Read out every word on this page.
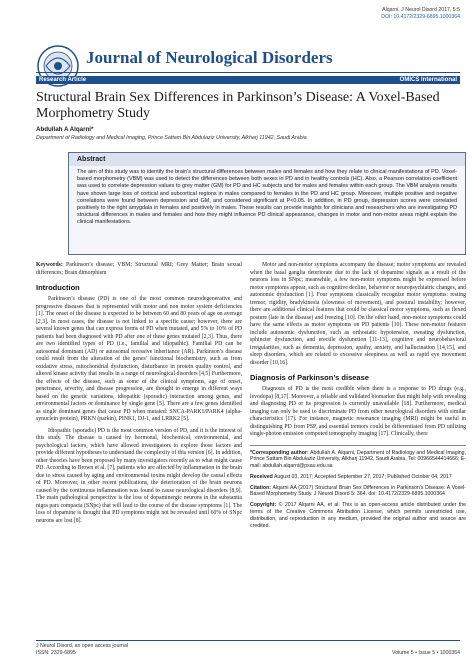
Journal of Neurological Disorders
Alqarni, J Neurol Disord 2017, 5:5
DOI: 10.4172/2329-6895.1000364
Research Article	OMICS International
Structural Brain Sex Differences in Parkinson’s Disease: A Voxel-Based Morphometry Study
Abdullah A Alqarni*
Department of Radiology and Medical Imaging, Prince Sattam Bin Abdulaziz University, Alkharj 11942, Saudi Arabia
Abstract
The aim of this study was to identify the brain’s structural differences between males and females and how they relate to clinical manifestations of PD. Voxel-based morphometry (VBM) was used to detect the differences between both sexes in PD and in healthy controls (HC). Also, a Pearson correlation coefficient was used to correlate depression values to grey matter (GM) for PD and HC subjects and for males and females within each group. The VBM analysis results have shown large loss of cortical and subcortical regions in males compared to females in the PD and HC group. Moreover, multiple positive and negative correlations were found between depression and GM, and considered significant at P<0.05. In addition, in PD group, depression scores were correlated positively to the right amygdala in females and positively in males. These results can provide insights for clinicians and researchers who are investigating PD structural differences in males and females and how they might influence PD clinical appearance, changes in motor and non-motor areas might explain the clinical manifestations.
Keywords: Parkinson’s disease; VBM; Structural MRI; Grey Matter; Brain sexual differences; Brain dimorphism
Introduction

Parkinson’s disease (PD) is one of the most common neurodegenerative and progressive diseases that is represented with motor and non motor system deficiencies [1]. The onset of the disease is expected to be between 60 and 80 years of age on average [2,3]. In most cases, the disease is not linked to a specific cause; however, there are several known genes that can express forms of PD when mutated, and 5% to 10% of PD patients had been diagnosed with PD after one of these genes mutated [2,3]. Thus, there are two identified types of PD (i.e., familial and idiopathic). Familial PD can be autosomal dominant (AD) or autosomal recessive inheritance (AR). Parkinson’s disease could result from the alteration of the genes’ functional biochemistry, such as from oxidative stress, mitochondrial dysfunction, disturbance in protein quality control, and altered kinase activity that results in a range of neurological disorders [4,5] Furthermore, the effects of the disease, such as some of the clinical symptoms, age of onset, penetrance, severity, and disease progression, are thought to emerge in different ways based on the genetic variations, idiopathic (sporadic) interaction among genes, and environmental factors or dominance by single gene [5]. There are a few genes identified as single dominant genes that cause PD when mutated: SNCA-PARK1/PARK4 (alpha-synuclein protein), PRKN (parkin), PINK1, DJ-1, and LRRK2 [5].

Idiopathic (sporadic) PD is the most common version of PD, and it is the interest of this study. The disease is caused by hormonal, biochemical, environmental, and psychological factors, which have allowed investigators to explore those factors and provide different hypotheses to understand the complexity of this version [6]. In addition, other theories have been proposed by many investigators recently as to what might cause PD. According to Brown et al. [7], patients who are affected by inflammation in the brain due to stress caused by aging and environmental toxins might develop the causal effects of PD. Moreover, in other recent publications, the deterioration of the brain neurons caused by the continuous inflammation was found to cause neurological disorders [8,9]. The main pathological perspective is the loss of dopaminergic neurons in the substantia nigra pars compacta (SNpc) that will lead to the course of the disease symptoms [1]. The loss of dopamine is thought that PD symptoms might not be revealed until 60% of SNpc neurons are lost [8].

Motor and non-motor symptoms accompany the disease; motor symptoms are revealed when the basal ganglia deteriorate due to the lack of dopamine signals as a result of the neurons loss in SNpc; meanwhile, a few non-motor symptoms might be expressed before motor symptoms appear, such as cognitive decline, behavior or neuropsychiatric changes, and autonomic dysfunction [1]. Four symptoms classically recognize motor symptoms: resting tremor, rigidity, bradykinesia (slowness of movement), and postural instability; however, there are additional clinical features that could be classical motor symptoms, such as flexed posture (late in the disease) and freezing [10]. On the other hand, non-motor symptoms could have the same effects as motor symptoms on PD patients [10]. These non-motor features include autonomic dysfunction, such as orthostatic hypotension, sweating dysfunction, sphincter dysfunction, and erectile dysfunction [11-13], cognitive and neurobehavioral irregularities, such as dementia, depression, apathy, anxiety, and hallucination [14,15], and sleep disorders, which are related to excessive sleepiness as well as rapid eye movement disorder [10,16].

Diagnosis of Parkinson’s disease

Diagnosis of PD is the most credible when there is a response to PD drugs (e.g., levodopa) [8,17]. Moreover, a reliable and validated biomarker that might help with revealing and diagnosing PD or its progression is currently unavailable [18]. Furthermore, medical imaging can only be used to discriminate PD from other neurological disorders with similar characteristics [17]. For instance, magnetic resonance imaging (MRI) might be useful in distinguishing PD from PSP, and essential tremors could be differentiated from PD utilizing single-photon emission computed tomography imaging [17]. Clinically, there

*Corresponding author: Abdullah A. Alqarni, Department of Radiology and Medical Imaging, Prince Sattam Bin Abdulaziz University, Alkharj 11942, Saudi Arabia, Tel: 00966544414666; E-mail: abdullah.alqarni@psau.edu.sa
Received August 03, 2017; Accepted September 27, 2017; Published October 04, 2017
Citation: Alqarni AA (2017) Structural Brain Sex Differences in Parkinson’s Disease: A Voxel-Based Morphometry Study. J Neurol Disord 5: 364. doi: 10.4172/2329-6895.1000364
Copyright: © 2017 Alqarni AA, et al. This is an open-access article distributed under the terms of the Creative Commons Attribution License, which permits unrestricted use, distribution, and reproduction in any medium, provided the original author and source are credited.
J Neurol Disord, an open access journal
ISSN: 2329-6895	Volume 5 • Issue 5 • 1000364
